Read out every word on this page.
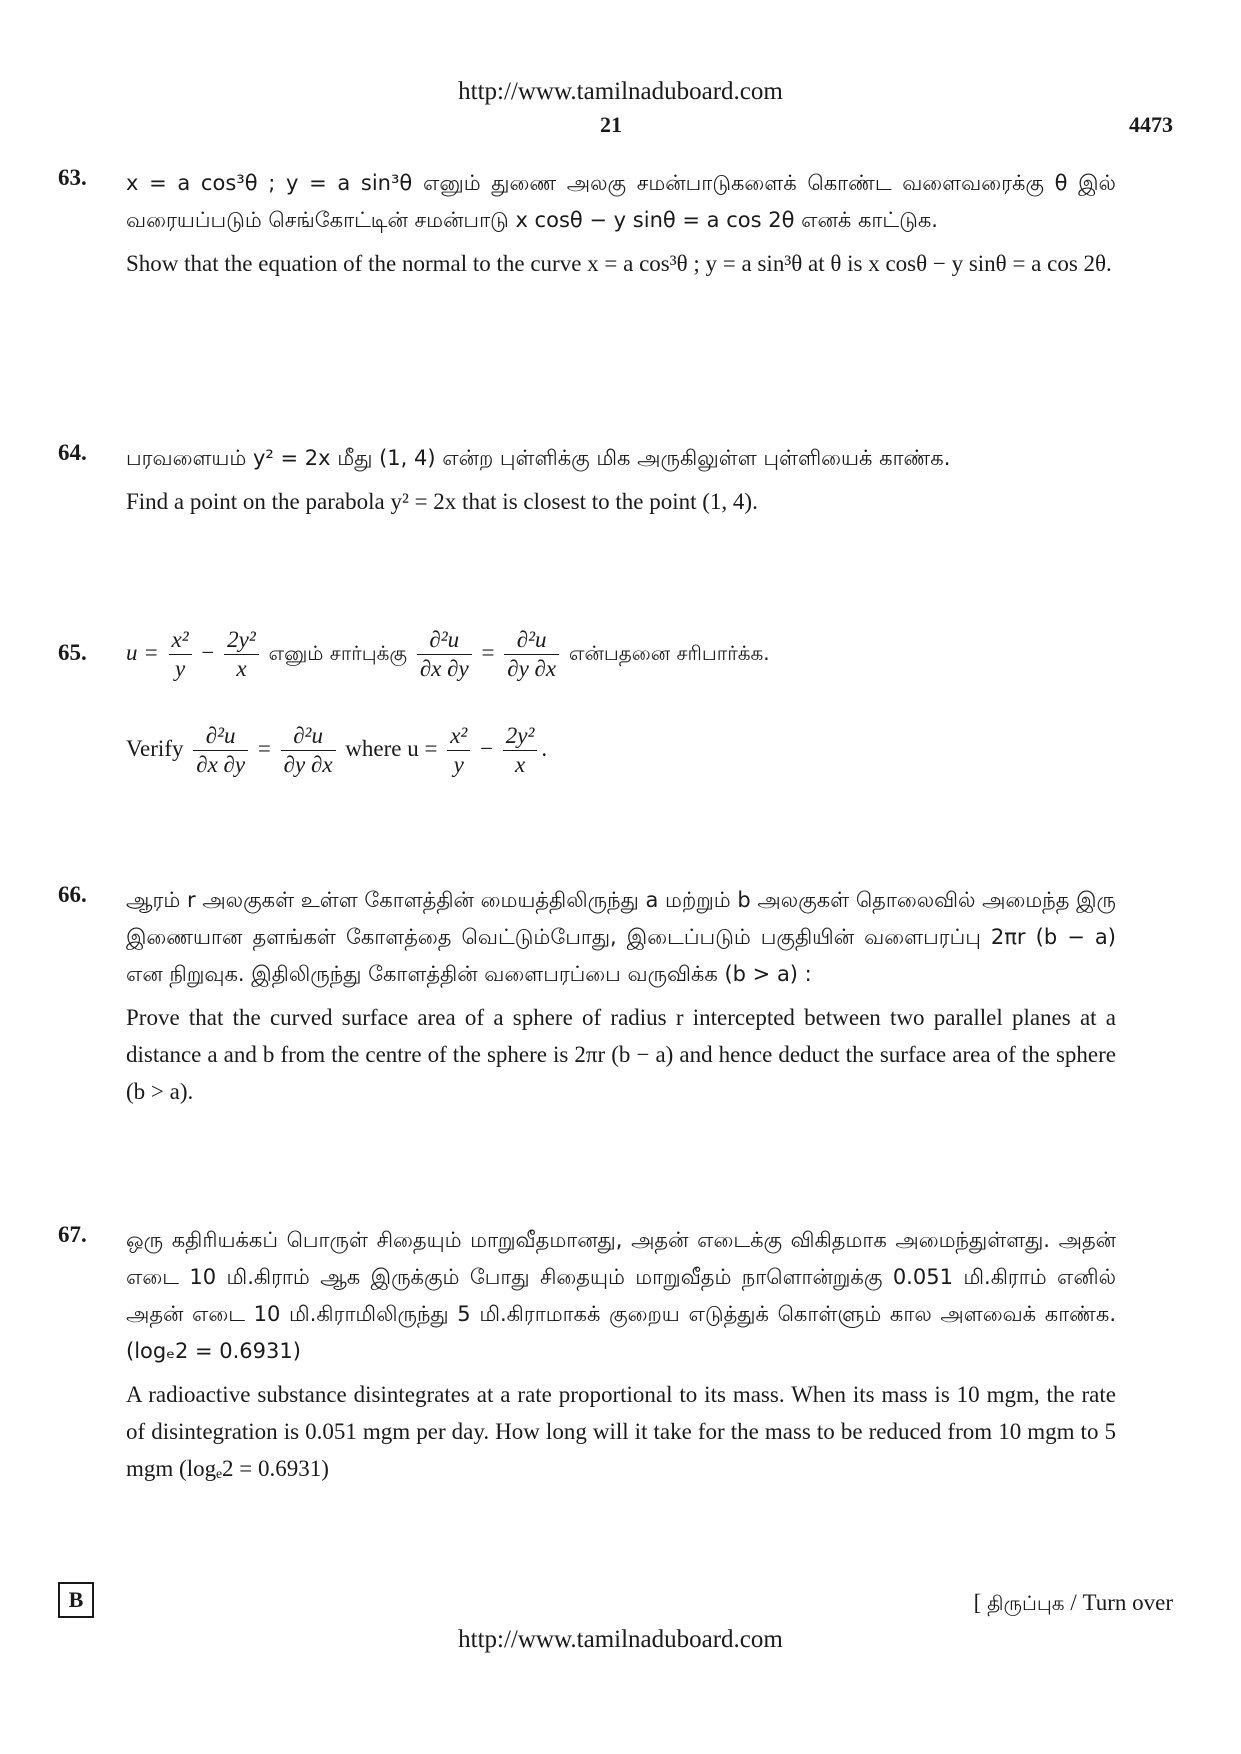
http://www.tamilnaduboard.com
21	4473
63. x = a cos³θ ; y = a sin³θ எனும் துணை அலகு சமன்பாடுகளைக் கொண்ட வளைவரைக்கு θ இல் வரையப்படும் செங்கோட்டின் சமன்பாடு x cosθ − y sinθ = a cos 2θ எனக் காட்டுக.

Show that the equation of the normal to the curve x = a cos³θ ; y = a sin³θ at θ is x cosθ − y sinθ = a cos 2θ.

64. பரவளையம் y² = 2x மீது (1, 4) என்ற புள்ளிக்கு மிக அருகிலுள்ள புள்ளியைக் காண்க.

Find a point on the parabola y² = 2x that is closest to the point (1, 4).

65. $u = \frac{\text{x²}}{y} - \frac{\text{2y²}}{x}$ எனும் சார்புக்கு $\frac{\text{∂²u}}{\partial x \partial y} = \frac{\text{∂²u}}{\partial y \partial x}$ என்பதனை சரிபார்க்க.
Verify $\frac{\text{∂²u}}{\partial x \partial y} = \frac{\text{∂²u}}{\partial y \partial x}$ where $u = \frac{\text{x²}}{y} - \frac{\text{2y²}}{x}$ .
66. ஆரம் r அலகுகள் உள்ள கோளத்தின் மையத்திலிருந்து a மற்றும் b அலகுகள் தொலைவில் அமைந்த இரு இணையான தளங்கள் கோளத்தை வெட்டும்போது, இடைப்படும் பகுதியின் வளைபரப்பு 2πr (b − a) என நிறுவுக. இதிலிருந்து கோளத்தின் வளைபரப்பை வருவிக்க (b > a) :

Prove that the curved surface area of a sphere of radius r intercepted between two parallel planes at a distance a and b from the centre of the sphere is 2πr (b − a) and hence deduct the surface area of the sphere (b > a).

67. ஒரு கதிரியக்கப் பொருள் சிதையும் மாறுவீதமானது, அதன் எடைக்கு விகிதமாக அமைந்துள்ளது. அதன் எடை 10 மி.கிராம் ஆக இருக்கும் போது சிதையும் மாறுவீதம் நாளொன்றுக்கு 0.051 மி.கிராம் எனில் அதன் எடை 10 மி.கிராமிலிருந்து 5 மி.கிராமாகக் குறைய எடுத்துக் கொள்ளும் கால அளவைக் காண்க. (logₑ2 = 0.6931)

A radioactive substance disintegrates at a rate proportional to its mass. When its mass is 10 mgm, the rate of disintegration is 0.051 mgm per day. How long will it take for the mass to be reduced from 10 mgm to 5 mgm (logₑ2 = 0.6931)

B	[ திருப்புக / Turn over
http://www.tamilnaduboard.com
